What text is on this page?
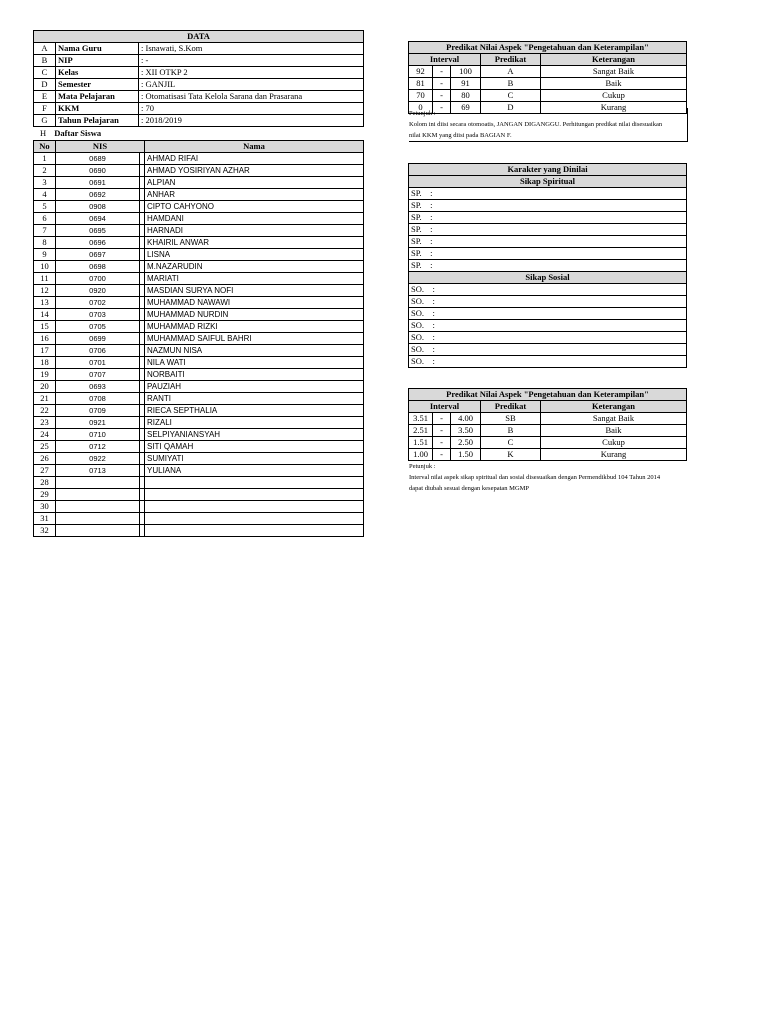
DATA		
A	Nama Guru	: Isnawati, S.Kom
B	NIP	: -
C	Kelas	: XII OTKP 2
D	Semester	: GANJIL
E	Mata Pelajaran	: Otomatisasi Tata Kelola Sarana dan Prasarana
F	KKM	: 70
G	Tahun Pelajaran	: 2018/2019
H Daftar Siswa
No	NIS		Nama
1	0689		AHMAD RIFAI
2	0690		AHMAD YOSIRIYAN AZHAR
3	0691		ALPIAN
4	0692		ANHAR
5	0908		CIPTO CAHYONO
6	0694		HAMDANI
7	0695		HARNADI
8	0696		KHAIRIL ANWAR
9	0697		LISNA
10	0698		M.NAZARUDIN
11	0700		MARIATI
12	0920		MASDIAN SURYA NOFI
13	0702		MUHAMMAD NAWAWI
14	0703		MUHAMMAD NURDIN
15	0705		MUHAMMAD RIZKI
16	0699		MUHAMMAD SAIFUL BAHRI
17	0706		NAZMUN NISA
18	0701		NILA WATI
19	0707		NORBAITI
20	0693		PAUZIAH
21	0708		RANTI
22	0709		RIECA SEPTHALIA
23	0921		RIZALI
24	0710		SELPIYANIANSYAH
25	0712		SITI QAMAH
26	0922		SUMIYATI
27	0713		YULIANA
28			
29			
30			
31			
32			
Predikat Nilai Aspek "Pengetahuan dan Keterampilan"				
Interval			Predikat	Keterangan
92	-	100	A	Sangat Baik
81	-	91	B	Baik
70	-	80	C	Cukup
0	-	69	D	Kurang
Petunjuk :
Kolom ini diisi secara otomoatis, JANGAN DIGANGGU. Perhitungan predikat nilai disesuaikan
nilai KKM yang diisi pada BAGIAN F.
Karakter yang Dinilai
Sikap Spiritual
SP.    :
SP.    :
SP.    :
SP.    :
SP.    :
SP.    :
SP.    :
Sikap Sosial
SO.    :
SO.    :
SO.    :
SO.    :
SO.    :
SO.    :
SO.    :
Predikat Nilai Aspek "Pengetahuan dan Keterampilan"				
Interval			Predikat	Keterangan
3.51	-	4.00	SB	Sangat Baik
2.51	-	3.50	B	Baik
1.51	-	2.50	C	Cukup
1.00	-	1.50	K	Kurang
Petunjuk :
Interval nilai aspek sikap spiritual dan sosial disesuaikan dengan Permendikbud 104 Tahun 2014
dapat diubah sesuai dengan kesepatan MGMP
